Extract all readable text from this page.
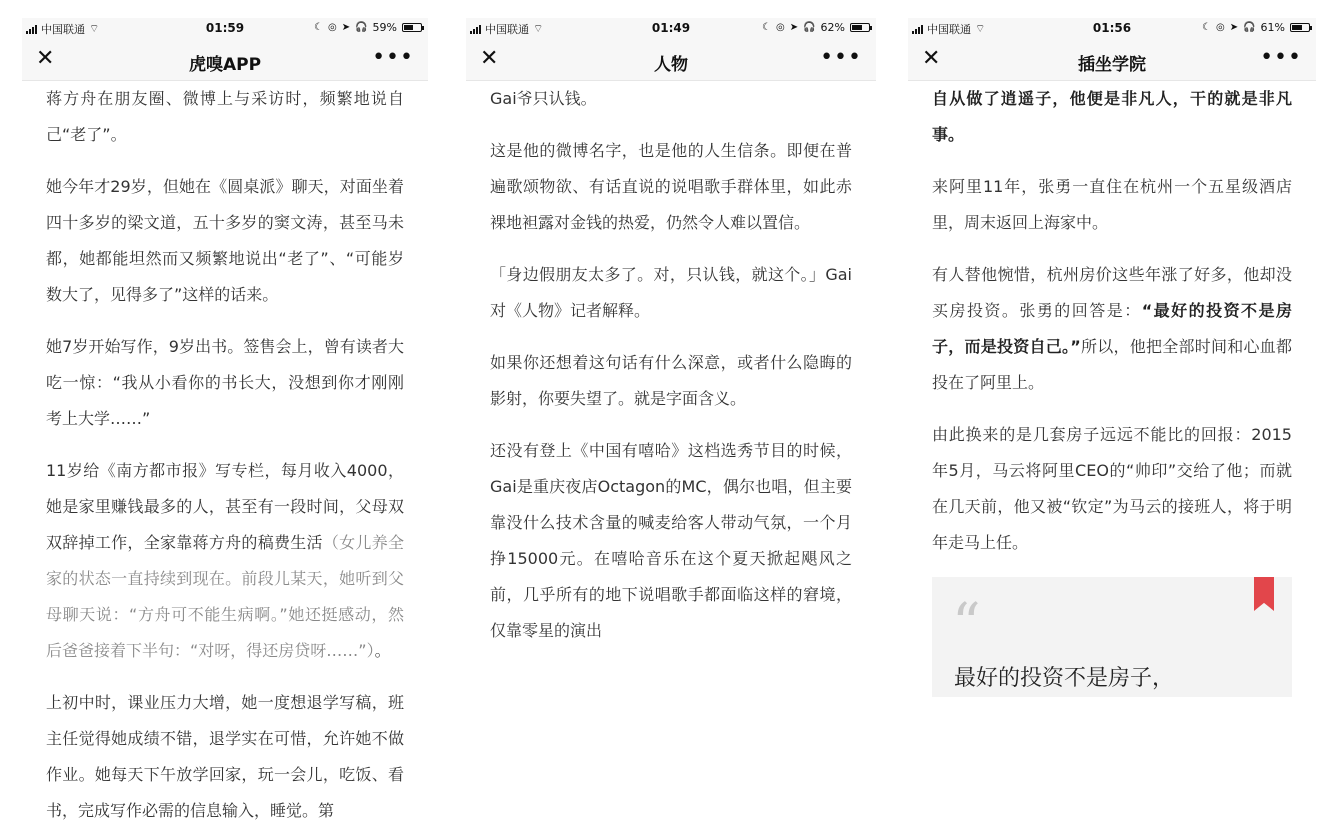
中国联通 ⌔	01:59	☾ ◎ ➤ 🎧 59%
✕	虎嗅APP	•••

蒋方舟在朋友圈、微博上与采访时，频繁地说自己“老了”。

她今年才29岁，但她在《圆桌派》聊天，对面坐着四十多岁的梁文道，五十多岁的窦文涛，甚至马未都，她都能坦然而又频繁地说出“老了”、“可能岁数大了，见得多了”这样的话来。

她7岁开始写作，9岁出书。签售会上，曾有读者大吃一惊：“我从小看你的书长大，没想到你才刚刚考上大学……”

11岁给《南方都市报》写专栏，每月收入4000，她是家里赚钱最多的人，甚至有一段时间，父母双双辞掉工作，全家靠蒋方舟的稿费生活（女儿养全家的状态一直持续到现在。前段儿某天，她听到父母聊天说：“方舟可不能生病啊。”她还挺感动，然后爸爸接着下半句：“对呀，得还房贷呀……”）。

上初中时，课业压力大增，她一度想退学写稿，班主任觉得她成绩不错，退学实在可惜，允许她不做作业。她每天下午放学回家，玩一会儿，吃饭、看书，完成写作必需的信息输入，睡觉。第

中国联通 ⌔	01:49	☾ ◎ ➤ 🎧 62%
✕	人物	•••

Gai爷只认钱。

这是他的微博名字，也是他的人生信条。即便在普遍歌颂物欲、有话直说的说唱歌手群体里，如此赤裸地袒露对金钱的热爱，仍然令人难以置信。

「身边假朋友太多了。对，只认钱，就这个。」Gai对《人物》记者解释。

如果你还想着这句话有什么深意，或者什么隐晦的影射，你要失望了。就是字面含义。

还没有登上《中国有嘻哈》这档选秀节目的时候，Gai是重庆夜店Octagon的MC，偶尔也唱，但主要靠没什么技术含量的喊麦给客人带动气氛，一个月挣15000元。在嘻哈音乐在这个夏天掀起飓风之前，几乎所有的地下说唱歌手都面临这样的窘境，仅靠零星的演出

中国联通 ⌔	01:56	☾ ◎ ➤ 🎧 61%
✕	插坐学院	•••

自从做了逍遥子，他便是非凡人，干的就是非凡事。

来阿里11年，张勇一直住在杭州一个五星级酒店里，周末返回上海家中。

有人替他惋惜，杭州房价这些年涨了好多，他却没买房投资。张勇的回答是：“最好的投资不是房子，而是投资自己。”所以，他把全部时间和心血都投在了阿里上。

由此换来的是几套房子远远不能比的回报：2015年5月，马云将阿里CEO的“帅印”交给了他；而就在几天前，他又被“钦定”为马云的接班人，将于明年走马上任。

“
最好的投资不是房子，
